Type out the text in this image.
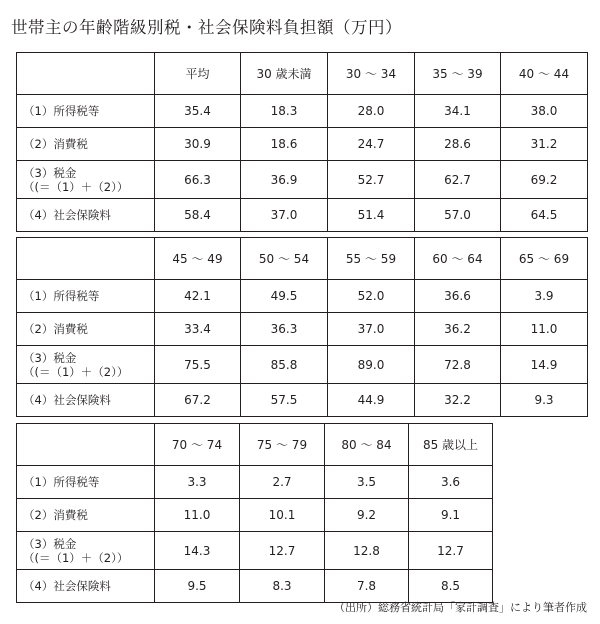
世帯主の年齢階級別税・社会保険料負担額（万円）
	平均	30 歳未満	30 ～ 34	35 ～ 39	40 ～ 44
（1）所得税等	35.4	18.3	28.0	34.1	38.0
（2）消費税	30.9	18.6	24.7	28.6	31.2

（3）税金
（(＝（1）＋（2））	66.3	36.9	52.7	62.7	69.2
（4）社会保険料	58.4	37.0	51.4	57.0	64.5
	45 ～ 49	50 ～ 54	55 ～ 59	60 ～ 64	65 ～ 69
（1）所得税等	42.1	49.5	52.0	36.6	3.9
（2）消費税	33.4	36.3	37.0	36.2	11.0

（3）税金
（(＝（1）＋（2））	75.5	85.8	89.0	72.8	14.9
（4）社会保険料	67.2	57.5	44.9	32.2	9.3
	70 ～ 74	75 ～ 79	80 ～ 84	85 歳以上
（1）所得税等	3.3	2.7	3.5	3.6
（2）消費税	11.0	10.1	9.2	9.1

（3）税金
（(＝（1）＋（2））	14.3	12.7	12.8	12.7
（4）社会保険料	9.5	8.3	7.8	8.5
（出所）総務省統計局「家計調査」により筆者作成
